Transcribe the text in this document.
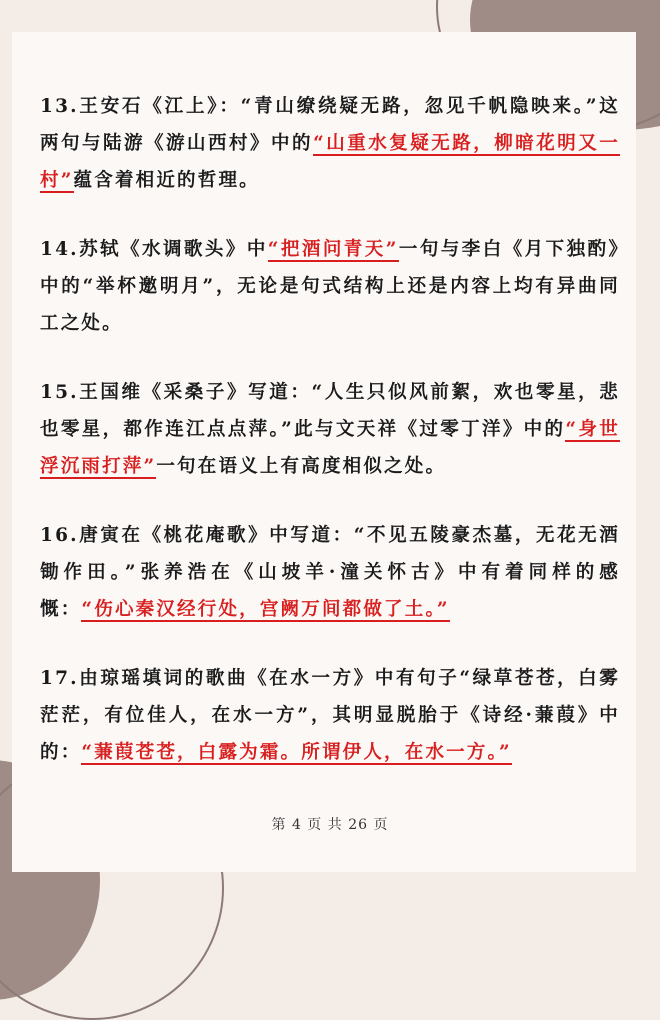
13.王安石《江上》：“青山缭绕疑无路，忽见千帆隐映来。”这两句与陆游《游山西村》中的“山重水复疑无路，柳暗花明又一村”蕴含着相近的哲理。

14.苏轼《水调歌头》中“把酒问青天”一句与李白《月下独酌》中的“举杯邀明月”，无论是句式结构上还是内容上均有异曲同工之处。

15.王国维《采桑子》写道：“人生只似风前絮，欢也零星，悲也零星，都作连江点点萍。”此与文天祥《过零丁洋》中的“身世浮沉雨打萍”一句在语义上有高度相似之处。

16.唐寅在《桃花庵歌》中写道：“不见五陵豪杰墓，无花无酒锄作田。”张养浩在《山坡羊·潼关怀古》中有着同样的感慨：“伤心秦汉经行处，宫阙万间都做了土。”

17.由琼瑶填词的歌曲《在水一方》中有句子“绿草苍苍，白雾茫茫，有位佳人，在水一方”，其明显脱胎于《诗经·蒹葭》中的：“蒹葭苍苍，白露为霜。所谓伊人，在水一方。”

第 4 页 共 26 页
